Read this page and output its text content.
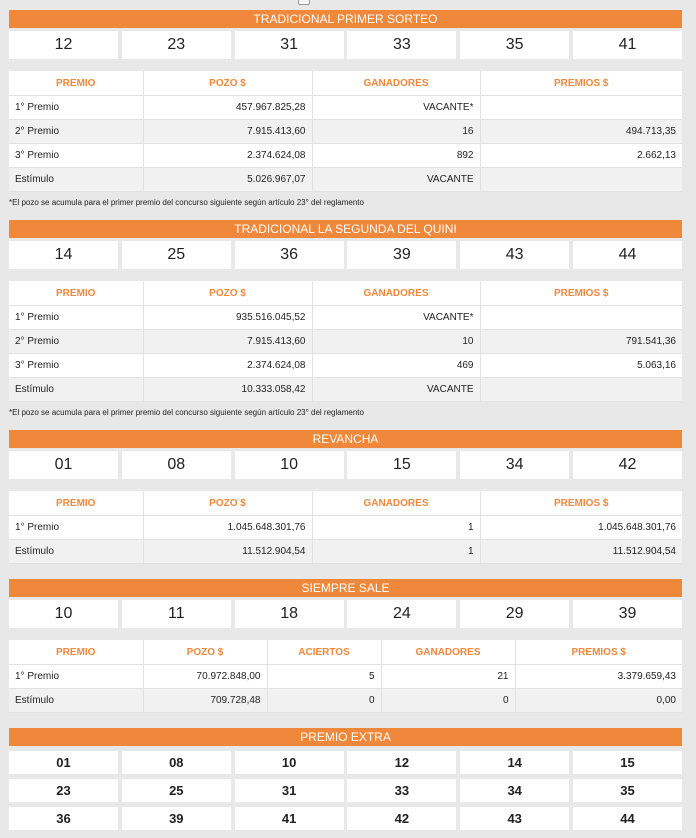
TRADICIONAL PRIMER SORTEO
12	23	31	33	35	41
PREMIO	POZO $	GANADORES	PREMIOS $
1° Premio	457.967.825,28	VACANTE*	
2° Premio	7.915.413,60	16	494.713,35
3° Premio	2.374.624,08	892	2.662,13
Estímulo	5.026.967,07	VACANTE	
*El pozo se acumula para el primer premio del concurso siguiente según artículo 23° del reglamento
TRADICIONAL LA SEGUNDA DEL QUINI
14	25	36	39	43	44
PREMIO	POZO $	GANADORES	PREMIOS $
1° Premio	935.516.045,52	VACANTE*	
2° Premio	7.915.413,60	10	791.541,36
3° Premio	2.374.624,08	469	5.063,16
Estímulo	10.333.058,42	VACANTE	
*El pozo se acumula para el primer premio del concurso siguiente según artículo 23° del reglamento
REVANCHA
01	08	10	15	34	42
PREMIO	POZO $	GANADORES	PREMIOS $
1° Premio	1.045.648.301,76	1	1.045.648.301,76
Estímulo	11.512.904,54	1	11.512.904,54
SIEMPRE SALE
10	11	18	24	29	39
PREMIO	POZO $	ACIERTOS	GANADORES	PREMIOS $
1° Premio	70.972.848,00	5	21	3.379.659,43
Estímulo	709.728,48	0	0	0,00
PREMIO EXTRA
01	08	10	12	14	15
23	25	31	33	34	35
36	39	41	42	43	44
